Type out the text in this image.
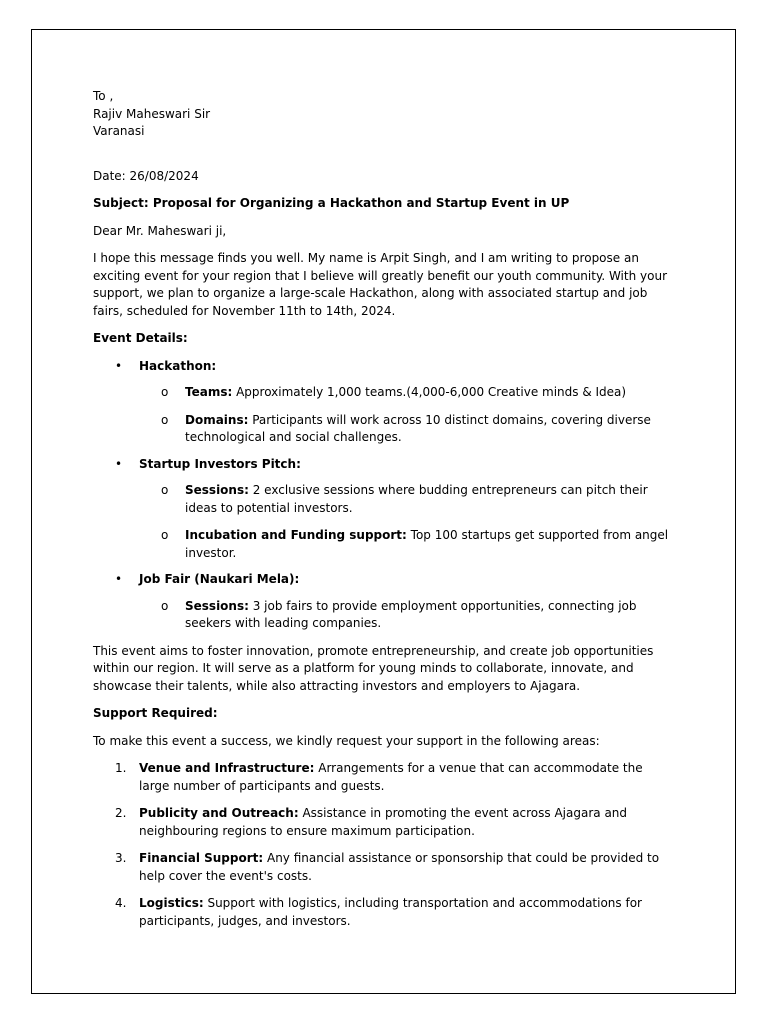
To ,

Rajiv Maheswari Sir

Varanasi

Date: 26/08/2024

Subject: Proposal for Organizing a Hackathon and Startup Event in UP

Dear Mr. Maheswari ji,

I hope this message finds you well. My name is Arpit Singh, and I am writing to propose an exciting event for your region that I believe will greatly benefit our youth community. With your support, we plan to organize a large-scale Hackathon, along with associated startup and job fairs, scheduled for November 11th to 14th, 2024.

Event Details:

• Hackathon:
o Teams: Approximately 1,000 teams.(4,000-6,000 Creative minds & Idea)
o Domains: Participants will work across 10 distinct domains, covering diverse technological and social challenges.
• Startup Investors Pitch:
o Sessions: 2 exclusive sessions where budding entrepreneurs can pitch their ideas to potential investors.
o Incubation and Funding support: Top 100 startups get supported from angel investor.
• Job Fair (Naukari Mela):
o Sessions: 3 job fairs to provide employment opportunities, connecting job seekers with leading companies.

This event aims to foster innovation, promote entrepreneurship, and create job opportunities within our region. It will serve as a platform for young minds to collaborate, innovate, and showcase their talents, while also attracting investors and employers to Ajagara.

Support Required:

To make this event a success, we kindly request your support in the following areas:

1. Venue and Infrastructure: Arrangements for a venue that can accommodate the large number of participants and guests.
2. Publicity and Outreach: Assistance in promoting the event across Ajagara and neighbouring regions to ensure maximum participation.
3. Financial Support: Any financial assistance or sponsorship that could be provided to help cover the event's costs.
4. Logistics: Support with logistics, including transportation and accommodations for participants, judges, and investors.
